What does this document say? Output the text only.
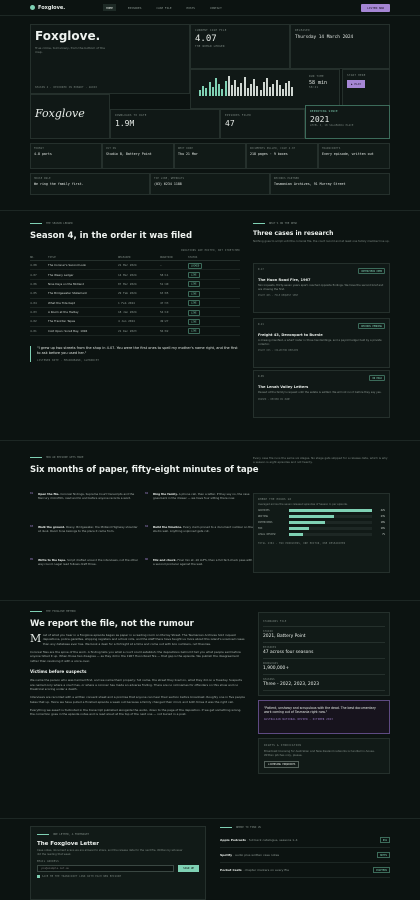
Foxglove.	HOME	EPISODES	CASE FILE	HOSTS	CONTACT	LISTEN NOW
Foxglove.
True crime, told slowly, from the bottom of the map.
SEASON 4 · RECORDED IN HOBART · AUDIO
CURRENT CASE FILE
4.07
THE WOMAN LEDGER
RELEASED
Thursday 14 March 2024
RUN TIME
58 min
58:41
START HERE
▶ PLAY
Foxglove	DOWNLOADS TO DATE
1.9M
EPISODES FILED
47
REPORTING SINCE
2021
LEVEL 2, 18 SALAMANCA PLACE
FORMAT
4-8 parts
CUT ON
Studio B, Battery Point
NEXT DROP
Thu 21 Mar
DOCUMENTS PULLED, CASE 4.07
218 pages · 9 boxes
TRANSCRIPTS
Every episode, written out
HOUSE RULE
We ring the family first.
TIP LINE, WEEKDAYS
(03) 6234 1188
RECORDS PARTNER
Tasmanian Archives, 91 Murray Street
THE SEASON LEDGER
Season 4, in the order it was filed
DURATIONS ARE EDITED, NOT STRETCHED
NO.	TITLE	RELEASED	DURATION	STATUS
4.08	The Coroner's Second Look	21 Mar 2024	—	LOCKED
4.07	The Weary Ledger	14 Mar 2024	58:11	LIVE
4.06	Nine Days on the Midland	07 Mar 2024	51:40	LIVE
4.05	The Bridgewater Statement	29 Feb 2024	63:05	LIVE
4.04	What the Tide Kept	1 Feb 2024	47:33	LIVE
4.03	A Room at the Hadley	18 Jan 2024	54:19	LIVE
4.02	The Frankton Tapes	4 Jan 2024	49:27	LIVE
4.01	Cold Open: Sorell Bay, 1994	21 Dec 2023	56:02	LIVE
"I grew up two streets from the shop in 4.07. You were the first ones to spell my mother's name right, and the first to ask before you used her."
LISTENER NOTE · MEADOWBANK, GLENORCHY
WHAT'S ON THE DESK
Three cases in research
Nothing goes to script until the coronial file, the court record and at least one family member line up.
R-17	INTERVIEWS OPEN
The Huon Road Fire, 1967
Two inquests, thirty-seven years apart, reached opposite findings. We have the second brief and are chasing the first.
PILOT 40% · FILE REQUEST SENT
R-21	RECORDS PENDING
Freight 43, Devonport to Burnie
A missing manifest, a wharf roster in three handwritings, and a payroll ledger held by a private collector.
PILOT 15% · COLLECTOR REPLIED
R-09	ON HOLD
The Lenah Valley Letters
Paused at the family's request until the estate is settled. We will not run it before they say yes.
PAUSED · REVIEW IN JUNE
HOW AN EPISODE GETS MADE
Six months of paper, fifty-eight minutes of tape
Every case file runs the same six stages. No stage gets skipped for a release date, which is why a season is eight episodes and not twenty.
01 Open the file. Coronial findings, Supreme Court transcripts and the Mercury microfilm, read end to end before anyone records a word.
02 Ring the family. A phone call, then a letter. If they say no, the case goes back in the drawer — we have four sitting there now.
03 Walk the ground. Rosny, Bridgewater, the Midland Highway shoulder at dusk. Room tone belongs to the place it came from.
04 Build the timeline. Every claim pinned to a document number on the studio wall. Anything unpinned gets cut.
05 Write to the tape. Script drafted around the interviews, not the other way round. Legal read follows draft three.
06 Mix and check. Final mix at -16 LUFS, then a full fact-check pass with a second producer against the wall.
WHERE THE HOURS GO
Averaged across the seven released episodes of Season 4, per episode.
ARCHIVES	42%
WRITING	23%
INTERVIEWS	18%
MIX	10%
LEGAL REVIEW	7%
TOTAL 2304 · TWO PRODUCERS, ONE EDITOR, ONE RESEARCHER
THE FOXGLOVE METHOD
We report the file, not the rumour

Most of what you hear in a Foxglove episode began as paper in a reading room on Murray Street. The Tasmanian Archives hold inquest depositions, police gazettes, shipping registers and school rolls, and the staff there have taught us more about this island's unsolved cases than any database ever has. We book a desk for a fortnight at a time and come out with box numbers, not theories.

Coronial files are the spine of the work. A finding tells you what a court could establish; the depositions behind it tell you what people said before anyone tidied it up. When those two disagree — as they did in the 1967 Huon Road fire — that gap is the episode. We publish the disagreement rather than resolving it with a voice-over.

Victims before suspects

We name the person who was harmed first, and we name them properly: full name, the street they lived on, what they did on a Tuesday. Suspects are named only where a court has, or where a coroner has made an adverse finding. There are no nicknames for offenders on this show and no theatrical scoring under a death.

Interviews are recorded with a written consent sheet and a promise that anyone can hear their section before broadcast. Roughly one in five people takes that up. Twice we have pulled a finished episode a week out because a family changed their mind, and both times it was the right call.

Everything we assert is footnoted in the transcript published alongside the audio, down to the page of the deposition. If we get something wrong, the correction goes in the episode notes and is read aloud at the top of the next one — not buried in a post.

STANDARDS FILE
STUDIO
2021, Battery Point
EPISODES
47 across four seasons
DOWNLOADS
1,900,000+
SEASONS
Three - 2022, 2023, 2023
"Patient, unshowy and scrupulous with the dead. The best documentary work coming out of Tasmania right now."
AUSTRALIAN NATIONAL REVIEW · OCTOBER 2023
RIGHTS & SYNDICATION
Broadcast licensing for Australian and New Zealand networks is handled in-house. Written pitches only, please.
LICENSING ENQUIRIES
ONE LETTER, A FORTNIGHT
The Foxglove Letter
Case notes, document scans we are allowed to share, and the release date for the next file. Written by whoever did the reading that week.
EMAIL ADDRESS
you@example.net.au
SIGN UP
SAVE ME THE TRANSCRIPT LINK WITH EACH NEW EPISODE
WHERE TO FIND US
Apple Podcasts · full back catalogue, seasons 1–4	RSS
Spotify · audio plus written case notes	NOTES
Pocket Casts · chapter markers on every file	CHAPTERS
